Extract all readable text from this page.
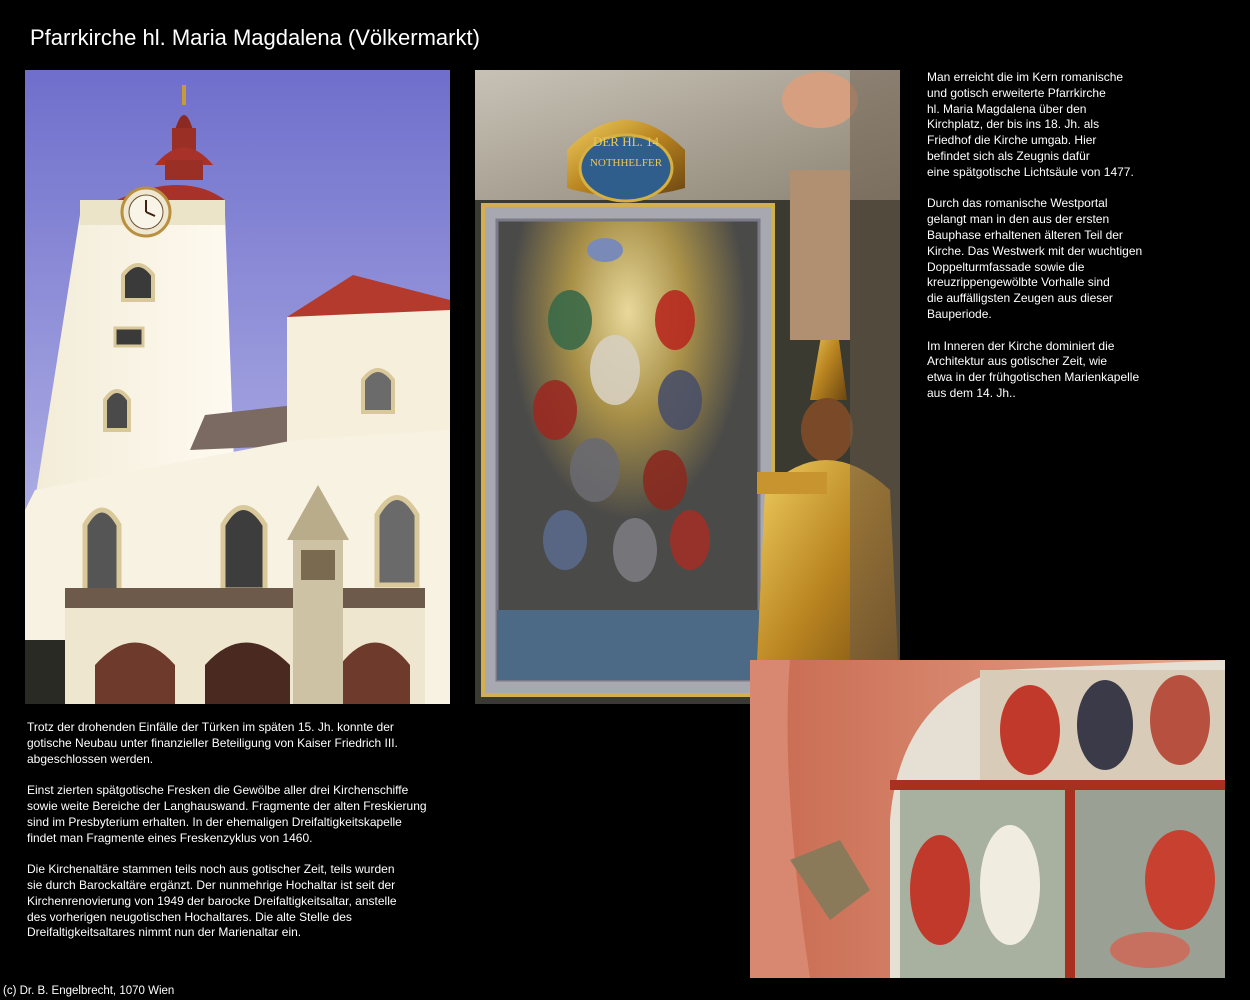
Pfarrkirche hl. Maria Magdalena (Völkermarkt)
DER HL. 14
NOTHHELFER

Man erreicht die im Kern romanische
und gotisch erweiterte Pfarrkirche
hl. Maria Magdalena über den
Kirchplatz, der bis ins 18. Jh. als
Friedhof die Kirche umgab. Hier
befindet sich als Zeugnis dafür
eine spätgotische Lichtsäule von 1477.

Durch das romanische Westportal
gelangt man in den aus der ersten
Bauphase erhaltenen älteren Teil der
Kirche. Das Westwerk mit der wuchtigen
Doppelturmfassade sowie die
kreuzrippengewölbte Vorhalle sind
die auffälligsten Zeugen aus dieser
Bauperiode.

Im Inneren der Kirche dominiert die
Architektur aus gotischer Zeit, wie
etwa in der frühgotischen Marienkapelle
aus dem 14. Jh..

Trotz der drohenden Einfälle der Türken im späten 15. Jh. konnte der
gotische Neubau unter finanzieller Beteiligung von Kaiser Friedrich III.
abgeschlossen werden.

Einst zierten spätgotische Fresken die Gewölbe aller drei Kirchenschiffe
sowie weite Bereiche der Langhauswand. Fragmente der alten Freskierung
sind im Presbyterium erhalten. In der ehemaligen Dreifaltigkeitskapelle
findet man Fragmente eines Freskenzyklus von 1460.

Die Kirchenaltäre stammen teils noch aus gotischer Zeit, teils wurden
sie durch Barockaltäre ergänzt. Der nunmehrige Hochaltar ist seit der
Kirchenrenovierung von 1949 der barocke Dreifaltigkeitsaltar, anstelle
des vorherigen neugotischen Hochaltares. Die alte Stelle des
Dreifaltigkeitsaltares nimmt nun der Marienaltar ein.

(c) Dr. B. Engelbrecht, 1070 Wien
